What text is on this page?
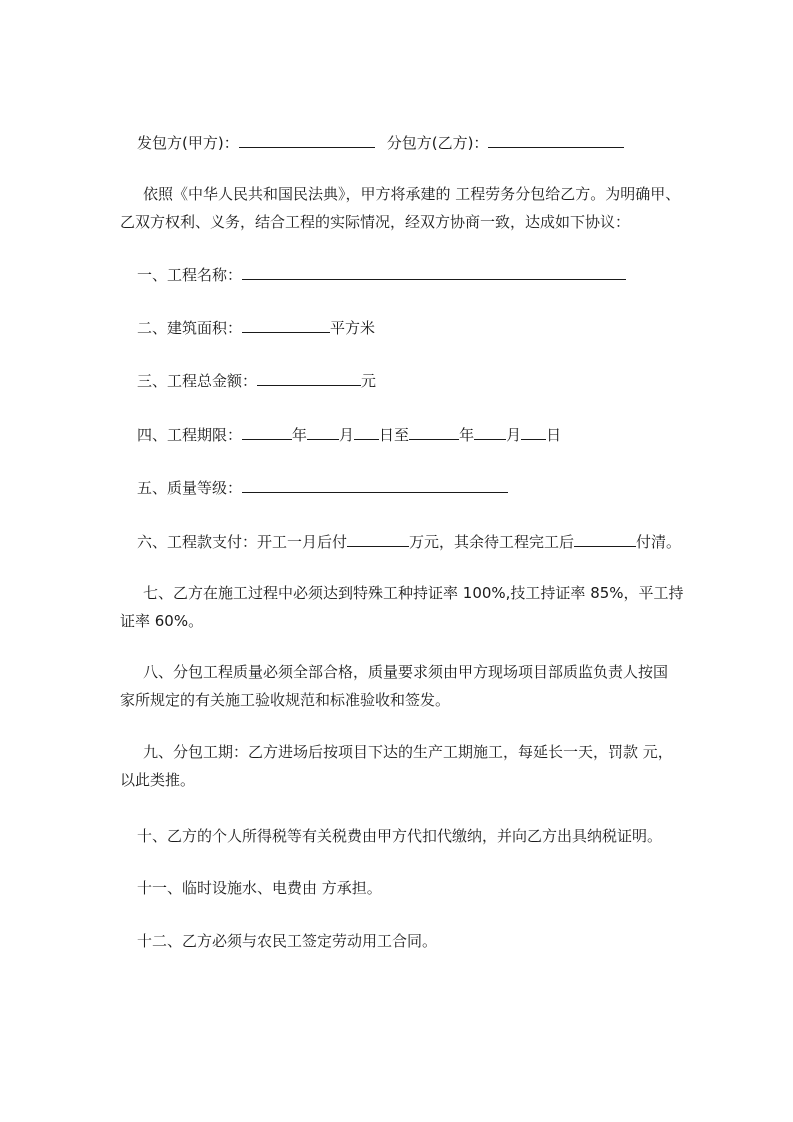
发包方(甲方)：	分包方(乙方)：
依照《中华人民共和国民法典》，甲方将承建的 工程劳务分包给乙方。为明确甲、
乙双方权利、义务，结合工程的实际情况，经双方协商一致，达成如下协议：
一、工程名称：
二、建筑面积：	平方米
三、工程总金额：	元
四、工程期限：	年 月 日至	年 月 日
五、质量等级：
六、工程款支付：开工一月后付	万元，其余待工程完工后	付清。
七、乙方在施工过程中必须达到特殊工种持证率 100%,技工持证率 85%，平工持
证率 60%。
八、分包工程质量必须全部合格，质量要求须由甲方现场项目部质监负责人按国
家所规定的有关施工验收规范和标准验收和签发。
九、分包工期：乙方进场后按项目下达的生产工期施工，每延长一天，罚款 元，
以此类推。
十、乙方的个人所得税等有关税费由甲方代扣代缴纳，并向乙方出具纳税证明。
十一、临时设施水、电费由 方承担。
十二、乙方必须与农民工签定劳动用工合同。
